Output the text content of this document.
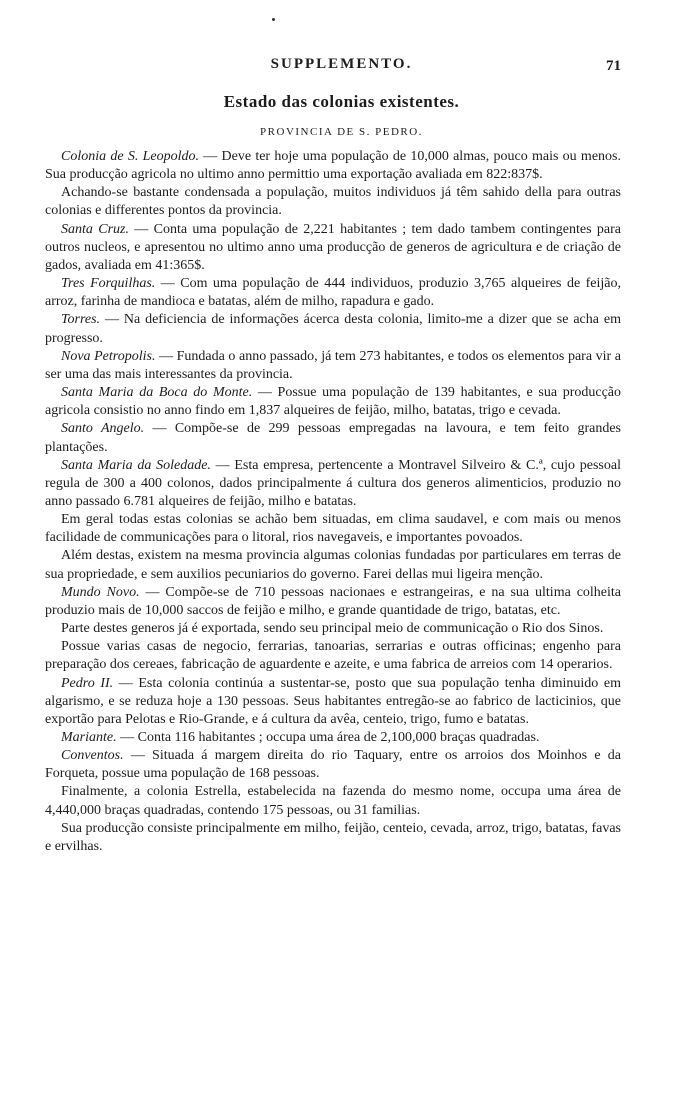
SUPPLEMENTO.	71
Estado das colonias existentes.
PROVINCIA DE S. PEDRO.

Colonia de S. Leopoldo. — Deve ter hoje uma população de 10,000 almas, pouco mais ou menos. Sua producção agricola no ultimo anno permittio uma exportação avaliada em 822:837$.

Achando-se bastante condensada a população, muitos individuos já têm sahido della para outras colonias e differentes pontos da provincia.

Santa Cruz. — Conta uma população de 2,221 habitantes ; tem dado tambem contingentes para outros nucleos, e apresentou no ultimo anno uma producção de generos de agricultura e de criação de gados, avaliada em 41:365$.

Tres Forquilhas. — Com uma população de 444 individuos, produzio 3,765 alqueires de feijão, arroz, farinha de mandioca e batatas, além de milho, rapadura e gado.

Torres. — Na deficiencia de informações ácerca desta colonia, limito-me a dizer que se acha em progresso.

Nova Petropolis. — Fundada o anno passado, já tem 273 habitantes, e todos os elementos para vir a ser uma das mais interessantes da provincia.

Santa Maria da Boca do Monte. — Possue uma população de 139 habitantes, e sua producção agricola consistio no anno findo em 1,837 alqueires de feijão, milho, batatas, trigo e cevada.

Santo Angelo. — Compõe-se de 299 pessoas empregadas na lavoura, e tem feito grandes plantações.

Santa Maria da Soledade. — Esta empresa, pertencente a Montravel Silveiro & C.ª, cujo pessoal regula de 300 a 400 colonos, dados principalmente á cultura dos generos alimenticios, produzio no anno passado 6.781 alqueires de feijão, milho e batatas.

Em geral todas estas colonias se achão bem situadas, em clima saudavel, e com mais ou menos facilidade de communicações para o litoral, rios navegaveis, e importantes povoados.

Além destas, existem na mesma provincia algumas colonias fundadas por particulares em terras de sua propriedade, e sem auxilios pecuniarios do governo. Farei dellas mui ligeira menção.

Mundo Novo. — Compõe-se de 710 pessoas nacionaes e estrangeiras, e na sua ultima colheita produzio mais de 10,000 saccos de feijão e milho, e grande quantidade de trigo, batatas, etc.

Parte destes generos já é exportada, sendo seu principal meio de communicação o Rio dos Sinos.

Possue varias casas de negocio, ferrarias, tanoarias, serrarias e outras officinas; engenho para preparação dos cereaes, fabricação de aguardente e azeite, e uma fabrica de arreios com 14 operarios.

Pedro II. — Esta colonia continúa a sustentar-se, posto que sua população tenha diminuido em algarismo, e se reduza hoje a 130 pessoas. Seus habitantes entregão-se ao fabrico de lacticinios, que exportão para Pelotas e Rio-Grande, e á cultura da avêa, centeio, trigo, fumo e batatas.

Mariante. — Conta 116 habitantes ; occupa uma área de 2,100,000 braças quadradas.

Conventos. — Situada á margem direita do rio Taquary, entre os arroios dos Moinhos e da Forqueta, possue uma população de 168 pessoas.

Finalmente, a colonia Estrella, estabelecida na fazenda do mesmo nome, occupa uma área de 4,440,000 braças quadradas, contendo 175 pessoas, ou 31 familias.

Sua producção consiste principalmente em milho, feijão, centeio, cevada, arroz, trigo, batatas, favas e ervilhas.
